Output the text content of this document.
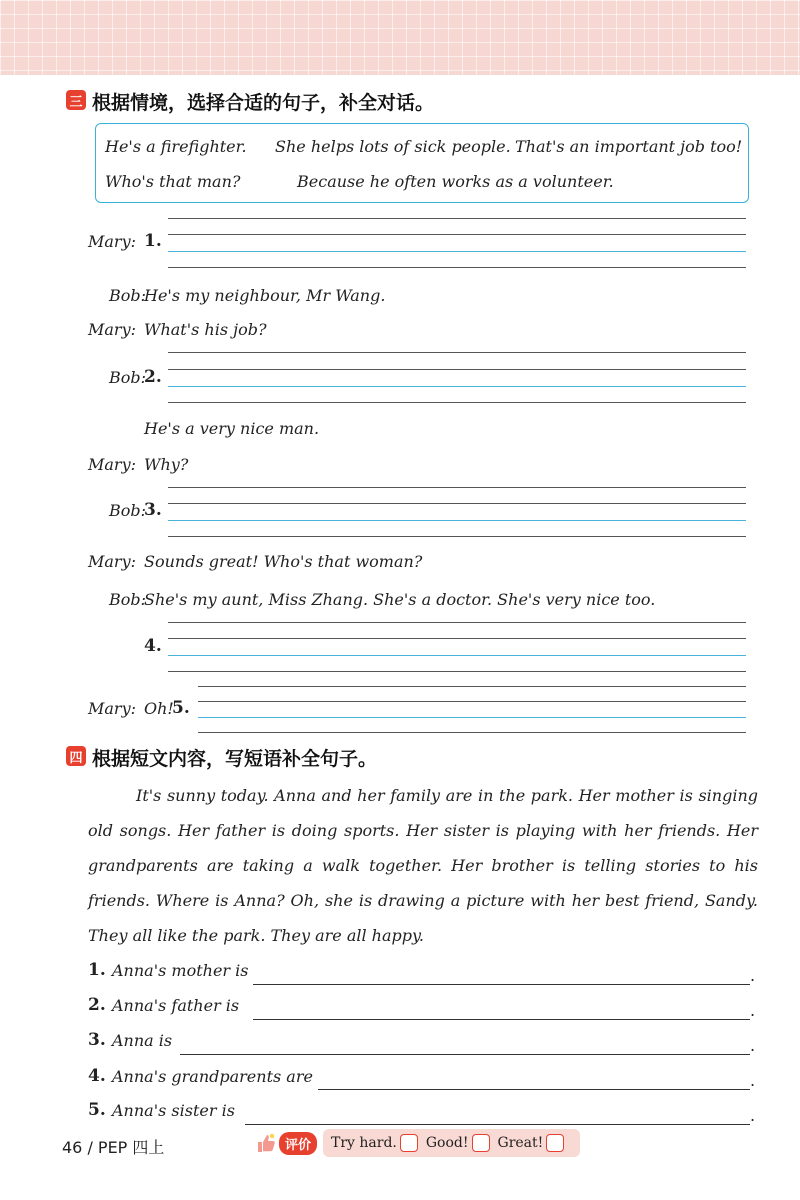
三 根据情境，选择合适的句子，补全对话。
He's a firefighter. She helps lots of sick people. That's an important job too!
Who's that man?	Because he often works as a volunteer.
Mary: 1.
Bob:
He's my neighbour, Mr Wang.
Mary: What's his job?
Bob:
2.
He's a very nice man.
Mary: Why?
Bob:
3.
Mary: Sounds great! Who's that woman?
Bob:
She's my aunt, Miss Zhang. She's a doctor. She's very nice too.
4.
Mary: Oh!
5.
四 根据短文内容，写短语补全句子。
It's sunny today. Anna and her family are in the park. Her mother is singing old songs. Her father is doing sports. Her sister is playing with her friends. Her grandparents are taking a walk together. Her brother is telling stories to his friends. Where is Anna? Oh, she is drawing a picture with her best friend, Sandy. They all like the park. They are all happy.
1. Anna's mother is	.
2. Anna's father is	.
3. Anna is	.
4. Anna's grandparents are	.
5. Anna's sister is	.
46 / PEP 四上	评价	Try hard. Good! Great!
